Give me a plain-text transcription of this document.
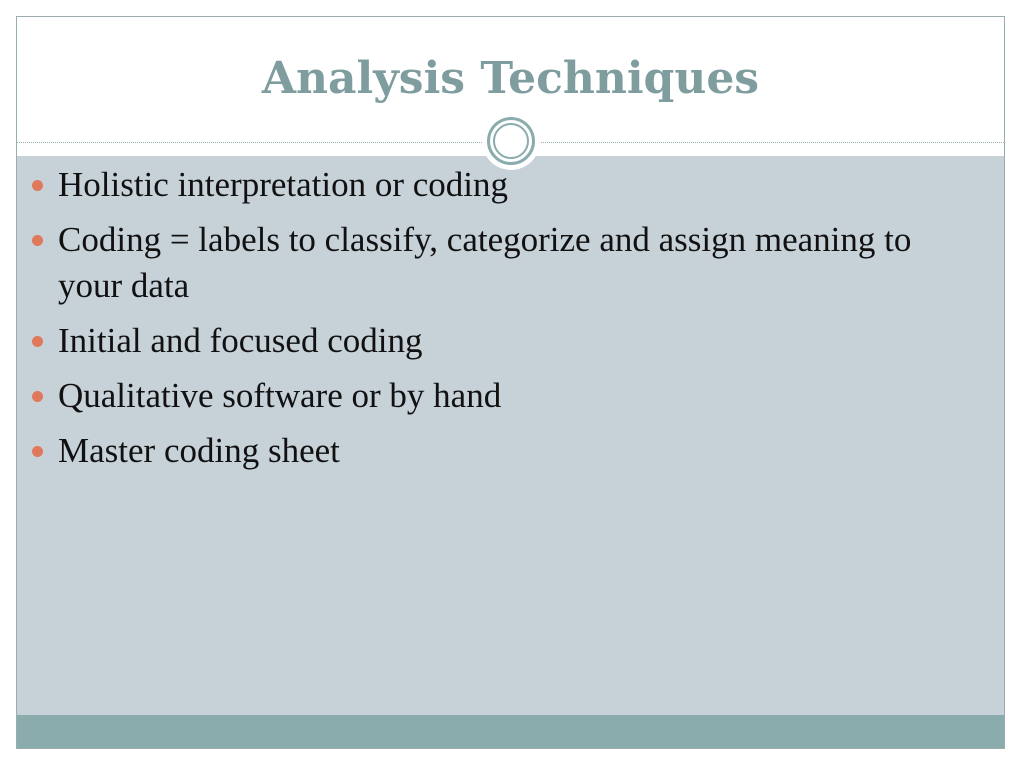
Analysis Techniques
Holistic interpretation or coding
Coding = labels to classify, categorize and assign meaning to your data
Initial and focused coding
Qualitative software or by hand
Master coding sheet
